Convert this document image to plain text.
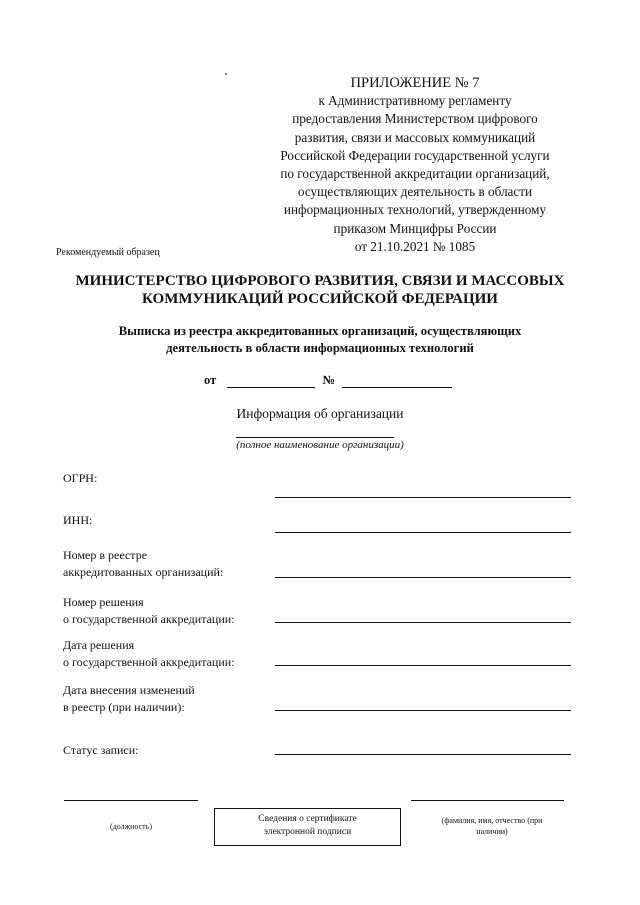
ПРИЛОЖЕНИЕ № 7
к Административному регламенту
предоставления Министерством цифрового
развития, связи и массовых коммуникаций
Российской Федерации государственной услуги
по государственной аккредитации организаций,
осуществляющих деятельность в области
информационных технологий, утвержденному
приказом Минцифры России
от 21.10.2021 № 1085
Рекомендуемый образец
МИНИСТЕРСТВО ЦИФРОВОГО РАЗВИТИЯ, СВЯЗИ И МАССОВЫХ
КОММУНИКАЦИЙ РОССИЙСКОЙ ФЕДЕРАЦИИ
Выписка из реестра аккредитованных организаций, осуществляющих
деятельность в области информационных технологий
от	№
Информация об организации
(полное наименование организации)
ОГРН:
ИНН:
Номер в реестре
аккредитованных организаций:
Номер решения
о государственной аккредитации:
Дата решения
о государственной аккредитации:
Дата внесения изменений
в реестр (при наличии):
Статус записи:
(должность)
Сведения о сертификате
электронной подписи
(фамилия, имя, отчество (при наличии)
